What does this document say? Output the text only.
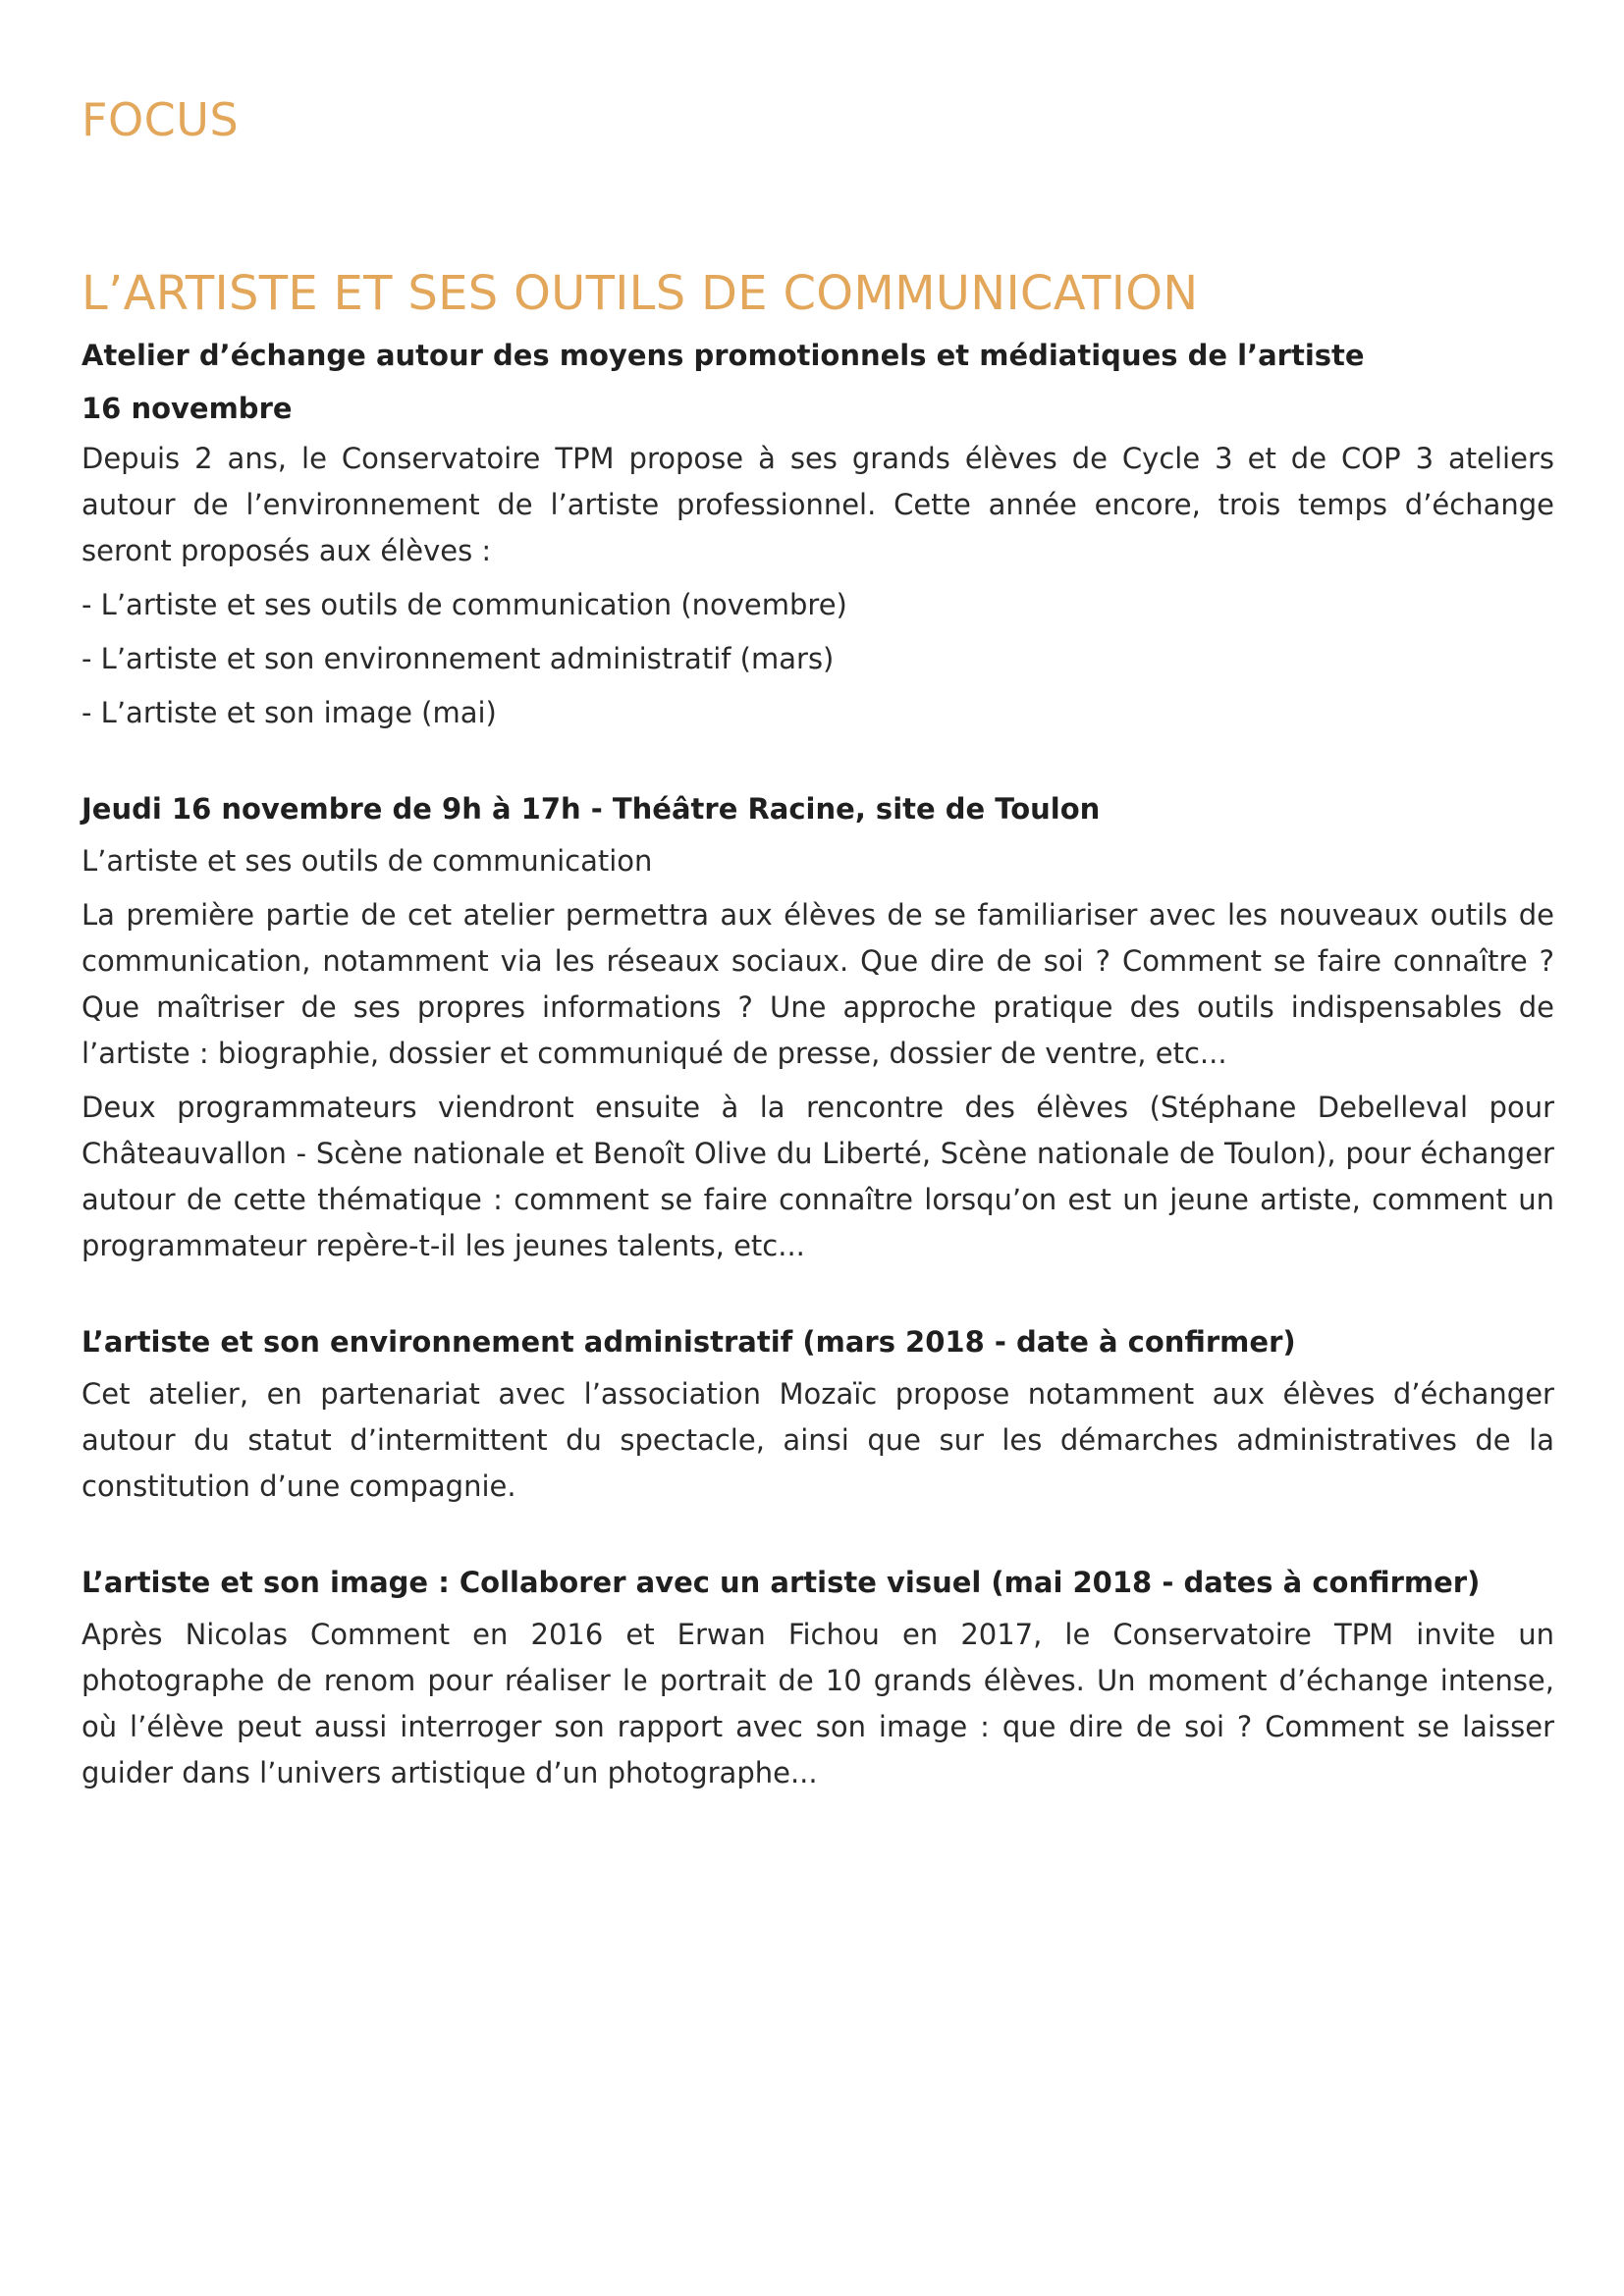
FOCUS
L’ARTISTE ET SES OUTILS DE COMMUNICATION
Atelier d’échange autour des moyens promotionnels et médiatiques de l’artiste
16 novembre

Depuis 2 ans, le Conservatoire TPM propose à ses grands élèves de Cycle 3 et de COP 3 ateliers autour de l’environnement de l’artiste professionnel. Cette année encore, trois temps d’échange seront proposés aux élèves :

- L’artiste et ses outils de communication (novembre)
- L’artiste et son environnement administratif (mars)
- L’artiste et son image (mai)
Jeudi 16 novembre de 9h à 17h - Théâtre Racine, site de Toulon
L’artiste et ses outils de communication

La première partie de cet atelier permettra aux élèves de se familiariser avec les nouveaux outils de communication, notamment via les réseaux sociaux. Que dire de soi ? Comment se faire connaître ? Que maîtriser de ses propres informations ? Une approche pratique des outils indispensables de l’artiste : biographie, dossier et communiqué de presse, dossier de ventre, etc...

Deux programmateurs viendront ensuite à la rencontre des élèves (Stéphane Debelleval pour Châteauvallon - Scène nationale et Benoît Olive du Liberté, Scène nationale de Toulon), pour échanger autour de cette thématique : comment se faire connaître lorsqu’on est un jeune artiste, comment un programmateur repère-t-il les jeunes talents, etc...

L’artiste et son environnement administratif (mars 2018 - date à confirmer)

Cet atelier, en partenariat avec l’association Mozaïc propose notamment aux élèves d’échanger autour du statut d’intermittent du spectacle, ainsi que sur les démarches administratives de la constitution d’une compagnie.

L’artiste et son image : Collaborer avec un artiste visuel (mai 2018 - dates à confirmer)

Après Nicolas Comment en 2016 et Erwan Fichou en 2017, le Conservatoire TPM invite un photographe de renom pour réaliser le portrait de 10 grands élèves. Un moment d’échange intense, où l’élève peut aussi interroger son rapport avec son image : que dire de soi ? Comment se laisser guider dans l’univers artistique d’un photographe...
